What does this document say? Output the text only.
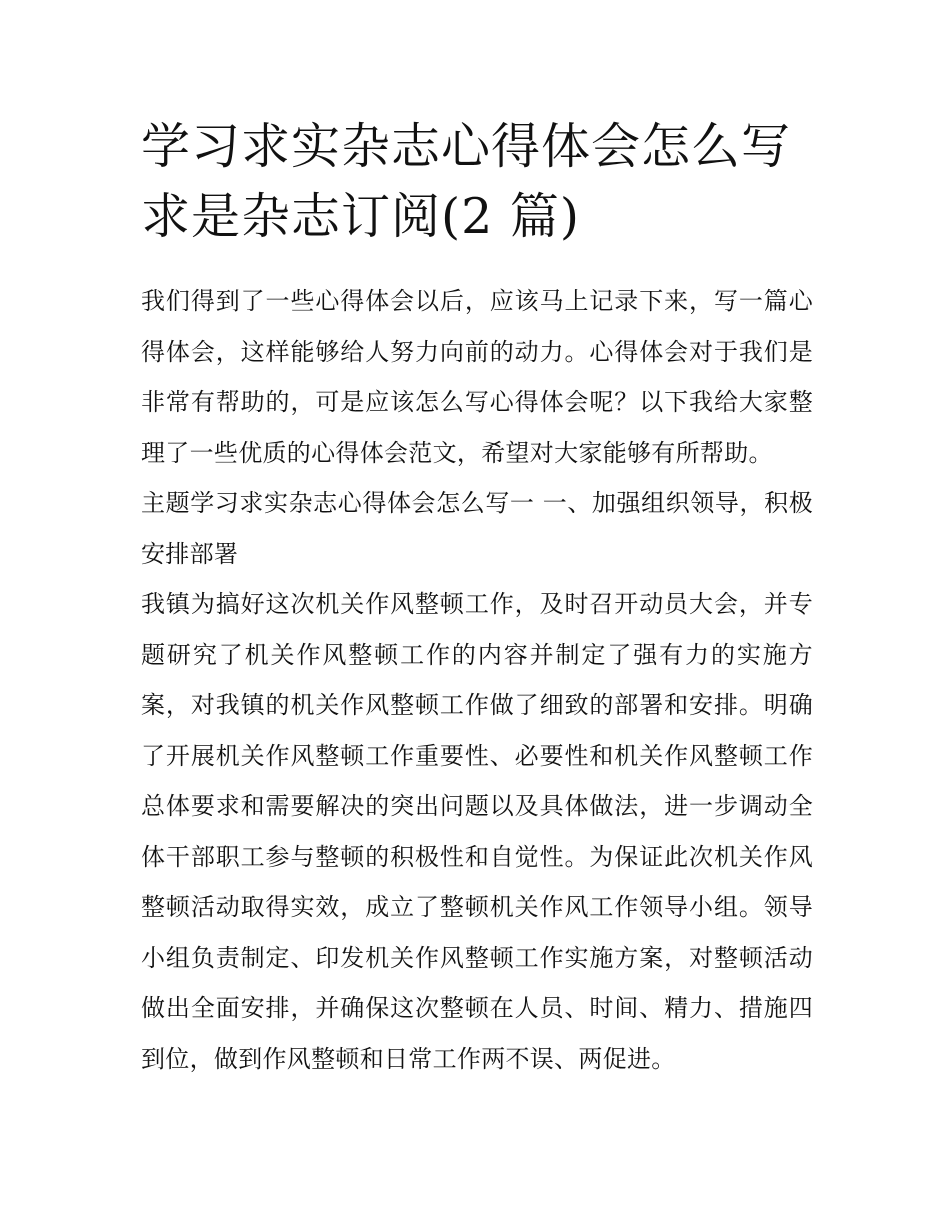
学习求实杂志心得体会怎么写求是杂志订阅(2 篇)

我们得到了一些心得体会以后，应该马上记录下来，写一篇心得体会，这样能够给人努力向前的动力。心得体会对于我们是非常有帮助的，可是应该怎么写心得体会呢？以下我给大家整理了一些优质的心得体会范文，希望对大家能够有所帮助。

主题学习求实杂志心得体会怎么写一 一、加强组织领导，积极安排部署

我镇为搞好这次机关作风整顿工作，及时召开动员大会，并专题研究了机关作风整顿工作的内容并制定了强有力的实施方案，对我镇的机关作风整顿工作做了细致的部署和安排。明确了开展机关作风整顿工作重要性、必要性和机关作风整顿工作总体要求和需要解决的突出问题以及具体做法，进一步调动全体干部职工参与整顿的积极性和自觉性。为保证此次机关作风整顿活动取得实效，成立了整顿机关作风工作领导小组。领导小组负责制定、印发机关作风整顿工作实施方案，对整顿活动做出全面安排，并确保这次整顿在人员、时间、精力、措施四到位，做到作风整顿和日常工作两不误、两促进。
